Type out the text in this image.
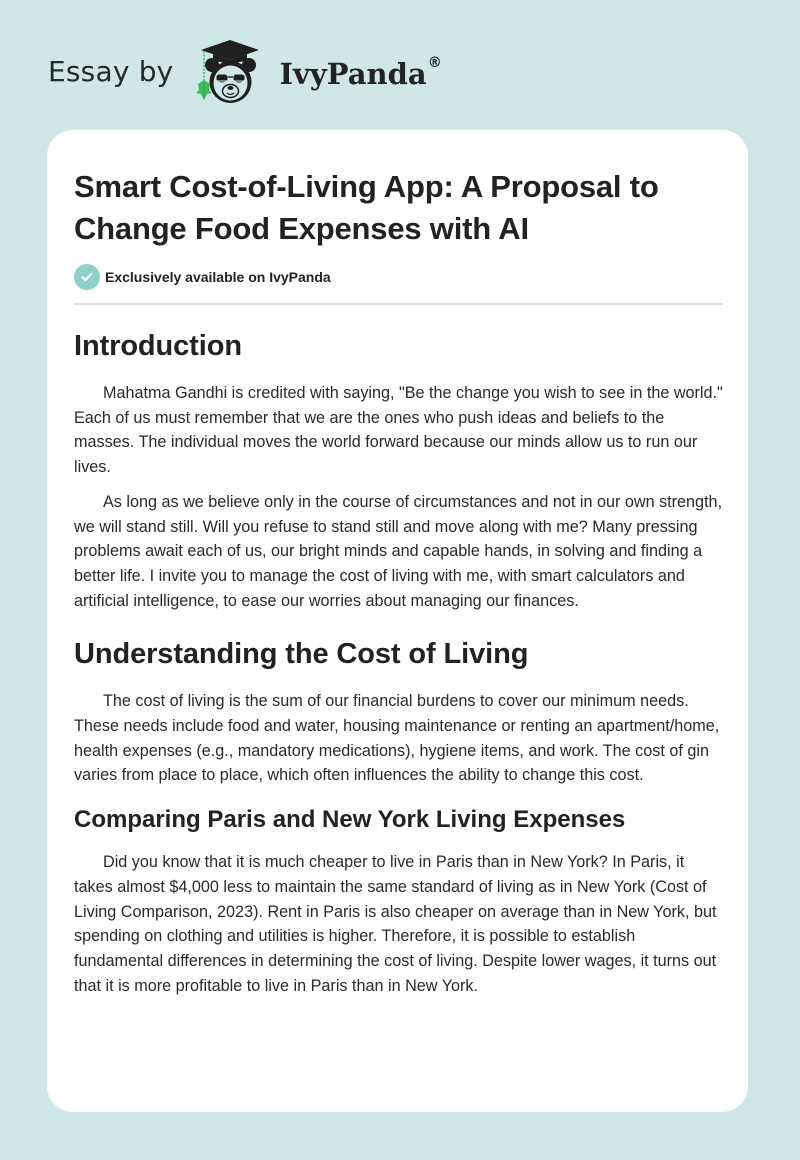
Essay by	IvyPanda®
Smart Cost-of-Living App: A Proposal to Change Food Expenses with AI
Exclusively available on IvyPanda
Introduction

Mahatma Gandhi is credited with saying, "Be the change you wish to see in the world." Each of us must remember that we are the ones who push ideas and beliefs to the masses. The individual moves the world forward because our minds allow us to run our lives.

As long as we believe only in the course of circumstances and not in our own strength, we will stand still. Will you refuse to stand still and move along with me? Many pressing problems await each of us, our bright minds and capable hands, in solving and finding a better life. I invite you to manage the cost of living with me, with smart calculators and artificial intelligence, to ease our worries about managing our finances.

Understanding the Cost of Living

The cost of living is the sum of our financial burdens to cover our minimum needs. These needs include food and water, housing maintenance or renting an apartment/home, health expenses (e.g., mandatory medications), hygiene items, and work. The cost of gin varies from place to place, which often influences the ability to change this cost.

Comparing Paris and New York Living Expenses

Did you know that it is much cheaper to live in Paris than in New York? In Paris, it takes almost $4,000 less to maintain the same standard of living as in New York (Cost of Living Comparison, 2023). Rent in Paris is also cheaper on average than in New York, but spending on clothing and utilities is higher. Therefore, it is possible to establish fundamental differences in determining the cost of living. Despite lower wages, it turns out that it is more profitable to live in Paris than in New York.
